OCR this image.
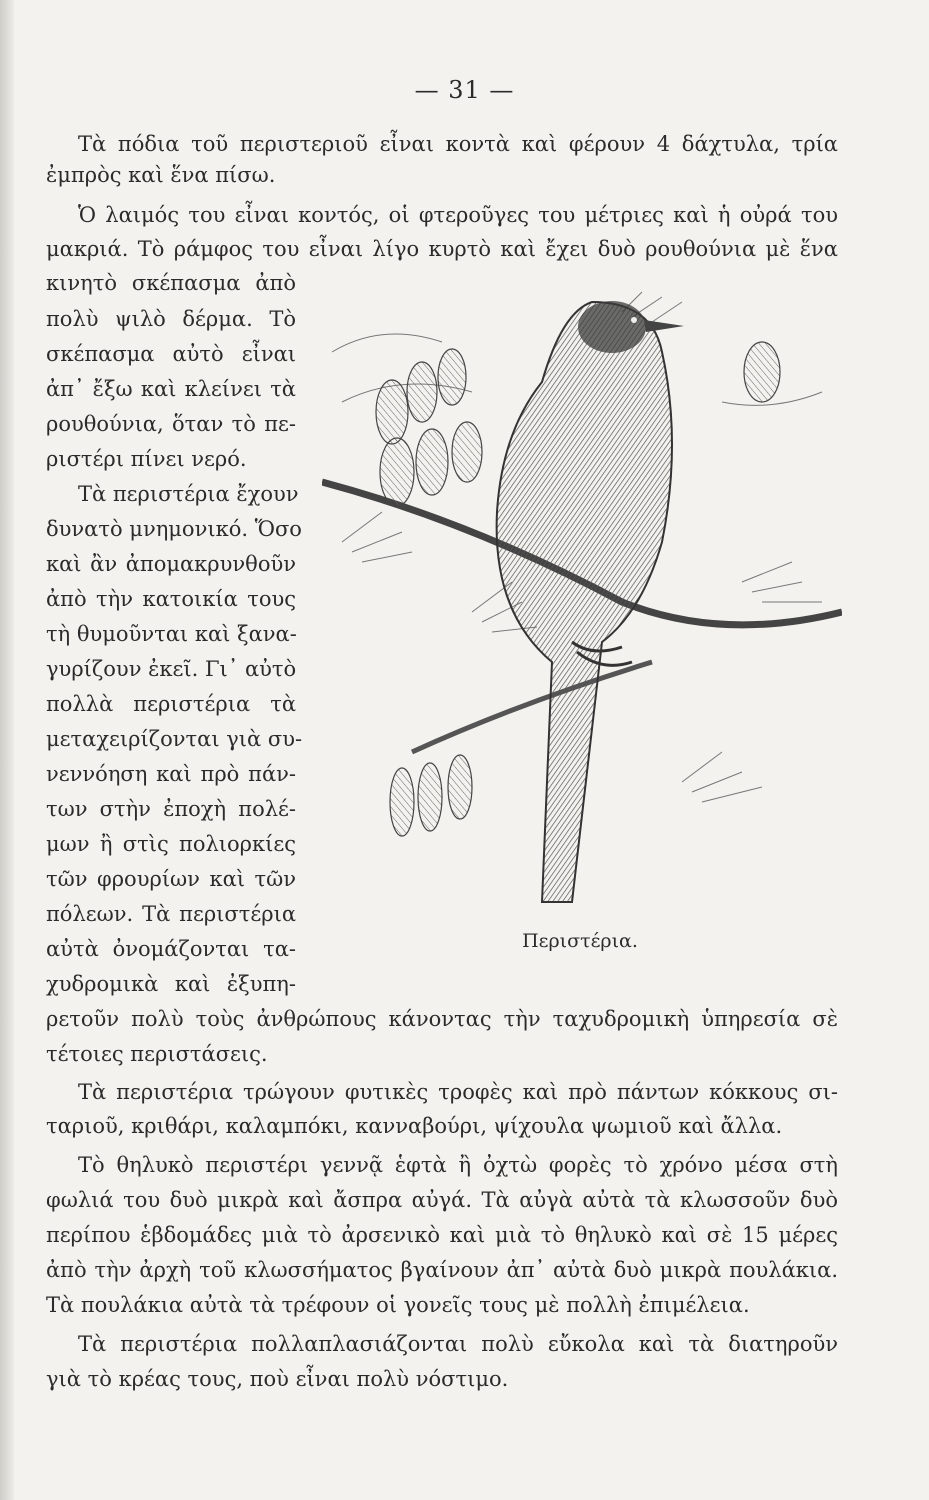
— 31 —
Τὰ πόδια τοῦ περιστεριοῦ εἶναι κοντὰ καὶ φέρουν 4 δάχτυλα, τρία
ἐμπρὸς καὶ ἕνα πίσω.
Ὁ λαιμός του εἶναι κοντός, οἱ φτεροῦγες του μέτριες καὶ ἡ οὐρά του
μακριά. Τὸ ράμφος του εἶναι λίγο κυρτὸ καὶ ἔχει δυὸ ρουθούνια μὲ ἕνα
κινητὸ σκέπασμα ἀπὸ
πολὺ ψιλὸ δέρμα. Τὸ
σκέπασμα αὐτὸ εἶναι
ἀπ᾽ ἔξω καὶ κλείνει τὰ
ρουθούνια, ὅταν τὸ πε-
ριστέρι πίνει νερό.
Τὰ περιστέρια ἔχουν
δυνατὸ μνημονικό. Ὅσο
καὶ ἂν ἀπομακρυνθοῦν
ἀπὸ τὴν κατοικία τους
τὴ θυμοῦνται καὶ ξανα-
γυρίζουν ἐκεῖ. Γι᾽ αὐτὸ
πολλὰ περιστέρια τὰ
μεταχειρίζονται γιὰ συ-
νεννόηση καὶ πρὸ πάν-
των στὴν ἐποχὴ πολέ-
μων ἢ στὶς πολιορκίες
τῶν φρουρίων καὶ τῶν
πόλεων. Τὰ περιστέρια
αὐτὰ ὀνομάζονται τα-
χυδρομικὰ καὶ ἐξυπη-
ρετοῦν πολὺ τοὺς ἀνθρώπους κάνοντας τὴν ταχυδρομικὴ ὑπηρεσία σὲ
τέτοιες περιστάσεις.
Τὰ περιστέρια τρώγουν φυτικὲς τροφὲς καὶ πρὸ πάντων κόκκους σι-
ταριοῦ, κριθάρι, καλαμπόκι, κανναβούρι, ψίχουλα ψωμιοῦ καὶ ἄλλα.
Τὸ θηλυκὸ περιστέρι γεννᾷ ἑφτὰ ἢ ὀχτὼ φορὲς τὸ χρόνο μέσα στὴ
φωλιά του δυὸ μικρὰ καὶ ἄσπρα αὐγά. Τὰ αὐγὰ αὐτὰ τὰ κλωσσοῦν δυὸ
περίπου ἑβδομάδες μιὰ τὸ ἀρσενικὸ καὶ μιὰ τὸ θηλυκὸ καὶ σὲ 15 μέρες
ἀπὸ τὴν ἀρχὴ τοῦ κλωσσήματος βγαίνουν ἀπ᾽ αὐτὰ δυὸ μικρὰ πουλάκια.
Τὰ πουλάκια αὐτὰ τὰ τρέφουν οἱ γονεῖς τους μὲ πολλὴ ἐπιμέλεια.
Τὰ περιστέρια πολλαπλασιάζονται πολὺ εὔκολα καὶ τὰ διατηροῦν
γιὰ τὸ κρέας τους, ποὺ εἶναι πολὺ νόστιμο.
Περιστέρια.
